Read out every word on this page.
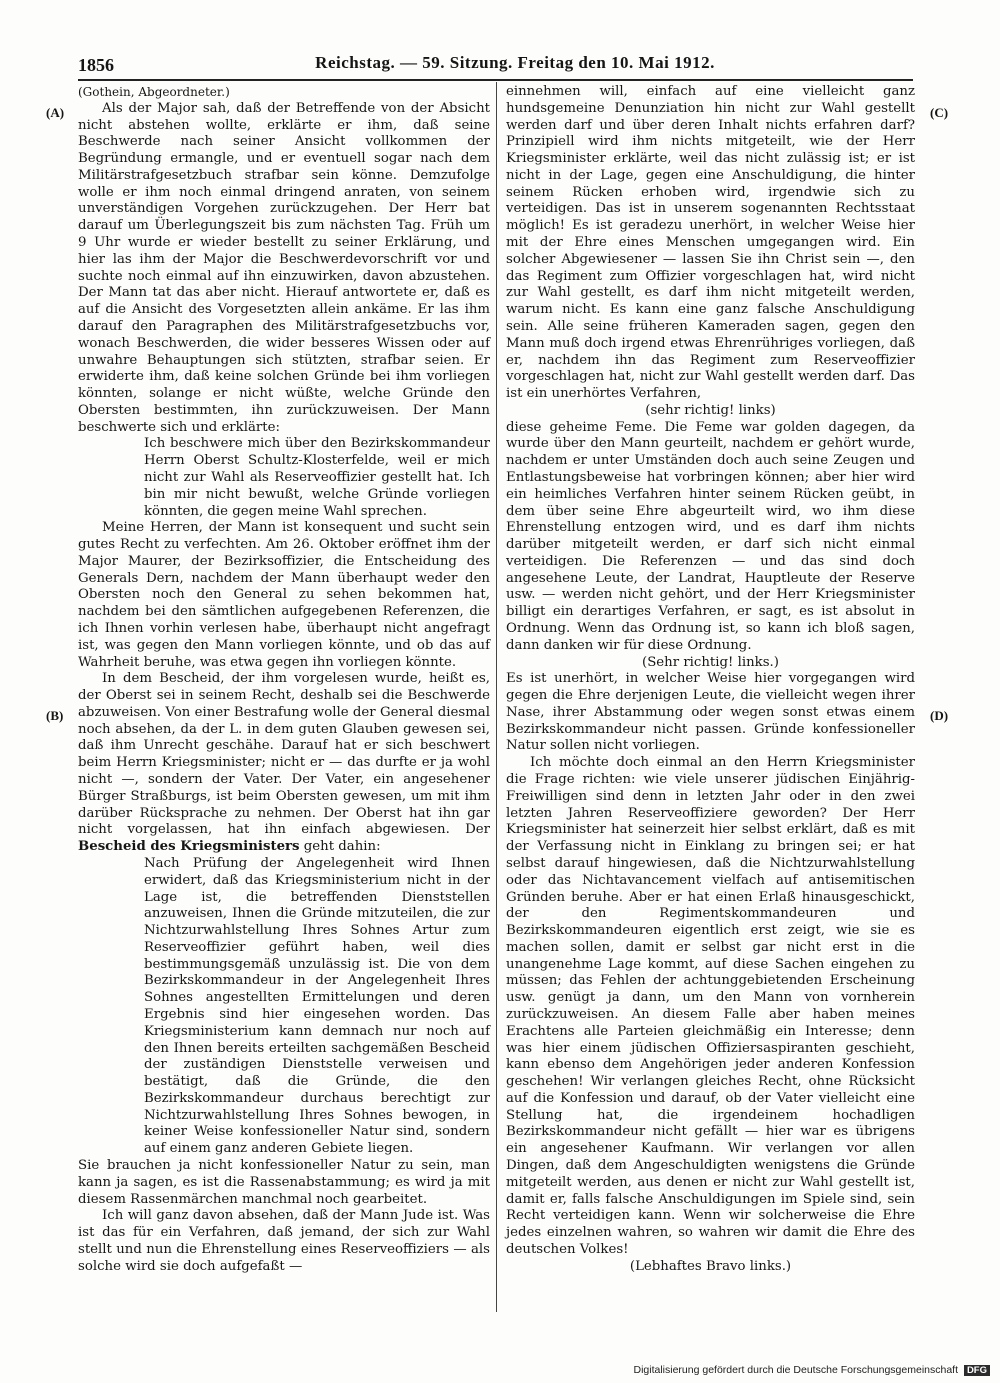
1856	Reichstag. — 59. Sitzung. Freitag den 10. Mai 1912.
(A)
(B)
(C)
(D)

(Gothein, Abgeordneter.)

Als der Major sah, daß der Betreffende von der Absicht nicht abstehen wollte, erklärte er ihm, daß seine Beschwerde nach seiner Ansicht vollkommen der Begründung ermangle, und er eventuell sogar nach dem Militärstrafgesetzbuch strafbar sein könne. Demzufolge wolle er ihm noch einmal dringend anraten, von seinem unverständigen Vorgehen zurückzugehen. Der Herr bat darauf um Überlegungszeit bis zum nächsten Tag. Früh um 9 Uhr wurde er wieder bestellt zu seiner Erklärung, und hier las ihm der Major die Beschwerdevorschrift vor und suchte noch einmal auf ihn einzuwirken, davon abzustehen. Der Mann tat das aber nicht. Hierauf antwortete er, daß es auf die Ansicht des Vorgesetzten allein ankäme. Er las ihm darauf den Paragraphen des Militärstrafgesetzbuchs vor, wonach Beschwerden, die wider besseres Wissen oder auf unwahre Behauptungen sich stützten, strafbar seien. Er erwiderte ihm, daß keine solchen Gründe bei ihm vorliegen könnten, solange er nicht wüßte, welche Gründe den Obersten bestimmten, ihn zurückzuweisen. Der Mann beschwerte sich und erklärte:

Ich beschwere mich über den Bezirkskommandeur Herrn Oberst Schultz-Klosterfelde, weil er mich nicht zur Wahl als Reserveoffizier gestellt hat. Ich bin mir nicht bewußt, welche Gründe vorliegen könnten, die gegen meine Wahl sprechen.

Meine Herren, der Mann ist konsequent und sucht sein gutes Recht zu verfechten. Am 26. Oktober eröffnet ihm der Major Maurer, der Bezirksoffizier, die Entscheidung des Generals Dern, nachdem der Mann überhaupt weder den Obersten noch den General zu sehen bekommen hat, nachdem bei den sämtlichen aufgegebenen Referenzen, die ich Ihnen vorhin verlesen habe, überhaupt nicht angefragt ist, was gegen den Mann vorliegen könnte, und ob das auf Wahrheit beruhe, was etwa gegen ihn vorliegen könnte.

In dem Bescheid, der ihm vorgelesen wurde, heißt es, der Oberst sei in seinem Recht, deshalb sei die Beschwerde abzuweisen. Von einer Bestrafung wolle der General diesmal noch absehen, da der L. in dem guten Glauben gewesen sei, daß ihm Unrecht geschähe. Darauf hat er sich beschwert beim Herrn Kriegsminister; nicht er — das durfte er ja wohl nicht —, sondern der Vater. Der Vater, ein angesehener Bürger Straßburgs, ist beim Obersten gewesen, um mit ihm darüber Rücksprache zu nehmen. Der Oberst hat ihn gar nicht vorgelassen, hat ihn einfach abgewiesen. Der Bescheid des Kriegsministers geht dahin:

Nach Prüfung der Angelegenheit wird Ihnen erwidert, daß das Kriegsministerium nicht in der Lage ist, die betreffenden Dienststellen anzuweisen, Ihnen die Gründe mitzuteilen, die zur Nichtzurwahlstellung Ihres Sohnes Artur zum Reserveoffizier geführt haben, weil dies bestimmungsgemäß unzulässig ist. Die von dem Bezirkskommandeur in der Angelegenheit Ihres Sohnes angestellten Ermittelungen und deren Ergebnis sind hier eingesehen worden. Das Kriegsministerium kann demnach nur noch auf den Ihnen bereits erteilten sachgemäßen Bescheid der zuständigen Dienststelle verweisen und bestätigt, daß die Gründe, die den Bezirkskommandeur durchaus berechtigt zur Nichtzurwahlstellung Ihres Sohnes bewogen, in keiner Weise konfessioneller Natur sind, sondern auf einem ganz anderen Gebiete liegen.

Sie brauchen ja nicht konfessioneller Natur zu sein, man kann ja sagen, es ist die Rassenabstammung; es wird ja mit diesem Rassenmärchen manchmal noch gearbeitet.

Ich will ganz davon absehen, daß der Mann Jude ist. Was ist das für ein Verfahren, daß jemand, der sich zur Wahl stellt und nun die Ehrenstellung eines Reserveoffiziers — als solche wird sie doch aufgefaßt —

einnehmen will, einfach auf eine vielleicht ganz hundsgemeine Denunziation hin nicht zur Wahl gestellt werden darf und über deren Inhalt nichts erfahren darf? Prinzipiell wird ihm nichts mitgeteilt, wie der Herr Kriegsminister erklärte, weil das nicht zulässig ist; er ist nicht in der Lage, gegen eine Anschuldigung, die hinter seinem Rücken erhoben wird, irgendwie sich zu verteidigen. Das ist in unserem sogenannten Rechtsstaat möglich! Es ist geradezu unerhört, in welcher Weise hier mit der Ehre eines Menschen umgegangen wird. Ein solcher Abgewiesener — lassen Sie ihn Christ sein —, den das Regiment zum Offizier vorgeschlagen hat, wird nicht zur Wahl gestellt, es darf ihm nicht mitgeteilt werden, warum nicht. Es kann eine ganz falsche Anschuldigung sein. Alle seine früheren Kameraden sagen, gegen den Mann muß doch irgend etwas Ehrenrühriges vorliegen, daß er, nachdem ihn das Regiment zum Reserveoffizier vorgeschlagen hat, nicht zur Wahl gestellt werden darf. Das ist ein unerhörtes Verfahren,

(sehr richtig! links)

diese geheime Feme. Die Feme war golden dagegen, da wurde über den Mann geurteilt, nachdem er gehört wurde, nachdem er unter Umständen doch auch seine Zeugen und Entlastungsbeweise hat vorbringen können; aber hier wird ein heimliches Verfahren hinter seinem Rücken geübt, in dem über seine Ehre abgeurteilt wird, wo ihm diese Ehrenstellung entzogen wird, und es darf ihm nichts darüber mitgeteilt werden, er darf sich nicht einmal verteidigen. Die Referenzen — und das sind doch angesehene Leute, der Landrat, Hauptleute der Reserve usw. — werden nicht gehört, und der Herr Kriegsminister billigt ein derartiges Verfahren, er sagt, es ist absolut in Ordnung. Wenn das Ordnung ist, so kann ich bloß sagen, dann danken wir für diese Ordnung.

(Sehr richtig! links.)

Es ist unerhört, in welcher Weise hier vorgegangen wird gegen die Ehre derjenigen Leute, die vielleicht wegen ihrer Nase, ihrer Abstammung oder wegen sonst etwas einem Bezirkskommandeur nicht passen. Gründe konfessioneller Natur sollen nicht vorliegen.

Ich möchte doch einmal an den Herrn Kriegsminister die Frage richten: wie viele unserer jüdischen Einjährig-Freiwilligen sind denn in letzten Jahr oder in den zwei letzten Jahren Reserveoffiziere geworden? Der Herr Kriegsminister hat seinerzeit hier selbst erklärt, daß es mit der Verfassung nicht in Einklang zu bringen sei; er hat selbst darauf hingewiesen, daß die Nichtzurwahlstellung oder das Nichtavancement vielfach auf antisemitischen Gründen beruhe. Aber er hat einen Erlaß hinausgeschickt, der den Regimentskommandeuren und Bezirkskommandeuren eigentlich erst zeigt, wie sie es machen sollen, damit er selbst gar nicht erst in die unangenehme Lage kommt, auf diese Sachen eingehen zu müssen; das Fehlen der achtunggebietenden Erscheinung usw. genügt ja dann, um den Mann von vornherein zurückzuweisen. An diesem Falle aber haben meines Erachtens alle Parteien gleichmäßig ein Interesse; denn was hier einem jüdischen Offiziersaspiranten geschieht, kann ebenso dem Angehörigen jeder anderen Konfession geschehen! Wir verlangen gleiches Recht, ohne Rücksicht auf die Konfession und darauf, ob der Vater vielleicht eine Stellung hat, die irgendeinem hochadligen Bezirkskommandeur nicht gefällt — hier war es übrigens ein angesehener Kaufmann. Wir verlangen vor allen Dingen, daß dem Angeschuldigten wenigstens die Gründe mitgeteilt werden, aus denen er nicht zur Wahl gestellt ist, damit er, falls falsche Anschuldigungen im Spiele sind, sein Recht verteidigen kann. Wenn wir solcherweise die Ehre jedes einzelnen wahren, so wahren wir damit die Ehre des deutschen Volkes!

(Lebhaftes Bravo links.)

Digitalisierung gefördert durch die Deutsche Forschungsgemeinschaft DFG
